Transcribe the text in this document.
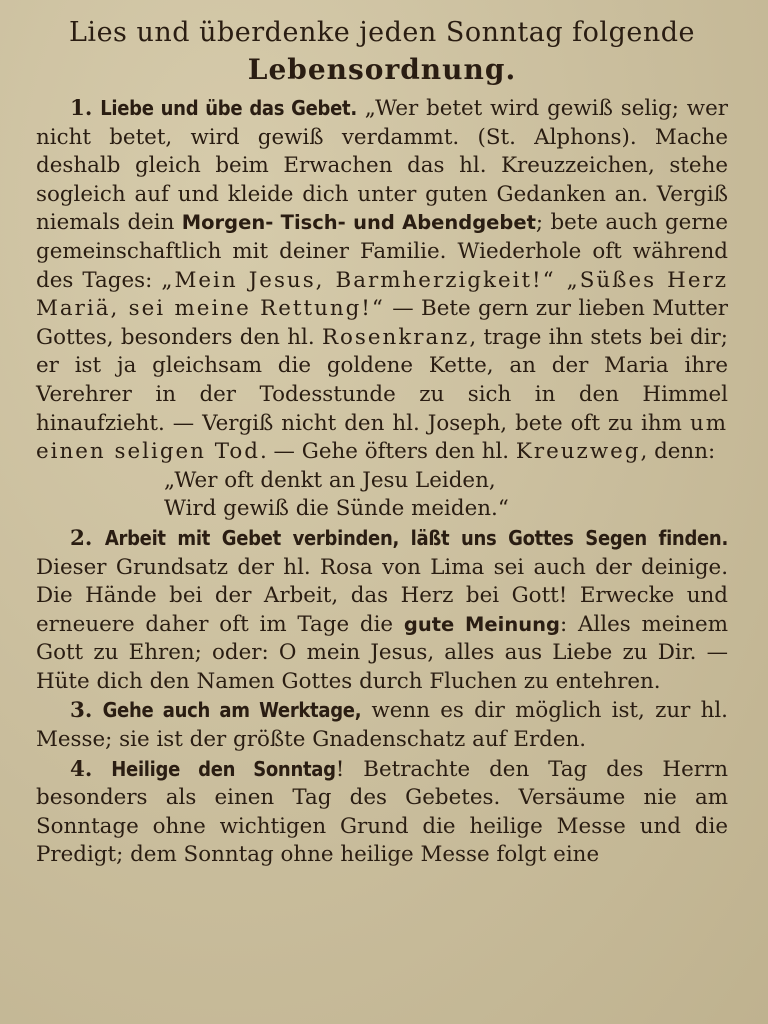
Lies und überdenke jeden Sonntag folgende

Lebensordnung.

1. Liebe und übe das Gebet. „Wer betet wird gewiß selig; wer nicht betet, wird gewiß verdammt. (St. Alphons). Mache deshalb gleich beim Erwachen das hl. Kreuzzeichen, stehe sogleich auf und kleide dich unter guten Gedanken an. Vergiß niemals dein Morgen- Tisch- und Abendgebet; bete auch gerne gemeinschaftlich mit deiner Familie. Wiederhole oft während des Tages: „Mein Jesus, Barmherzigkeit!“ „Süßes Herz Mariä, sei meine Rettung!“ — Bete gern zur lieben Mutter Gottes, besonders den hl. Rosenkranz, trage ihn stets bei dir; er ist ja gleichsam die goldene Kette, an der Maria ihre Verehrer in der Todesstunde zu sich in den Himmel hinaufzieht. — Vergiß nicht den hl. Joseph, bete oft zu ihm um einen seligen Tod. — Gehe öfters den hl. Kreuzweg, denn:

„Wer oft denkt an Jesu Leiden,

Wird gewiß die Sünde meiden.“

2. Arbeit mit Gebet verbinden, läßt uns Gottes Segen finden. Dieser Grundsatz der hl. Rosa von Lima sei auch der deinige. Die Hände bei der Arbeit, das Herz bei Gott! Erwecke und erneuere daher oft im Tage die gute Meinung: Alles meinem Gott zu Ehren; oder: O mein Jesus, alles aus Liebe zu Dir. — Hüte dich den Namen Gottes durch Fluchen zu entehren.

3. Gehe auch am Werktage, wenn es dir möglich ist, zur hl. Messe; sie ist der größte Gnadenschatz auf Erden.

4. Heilige den Sonntag! Betrachte den Tag des Herrn besonders als einen Tag des Gebetes. Versäume nie am Sonntage ohne wichtigen Grund die heilige Messe und die Predigt; dem Sonntag ohne heilige Messe folgt eine
